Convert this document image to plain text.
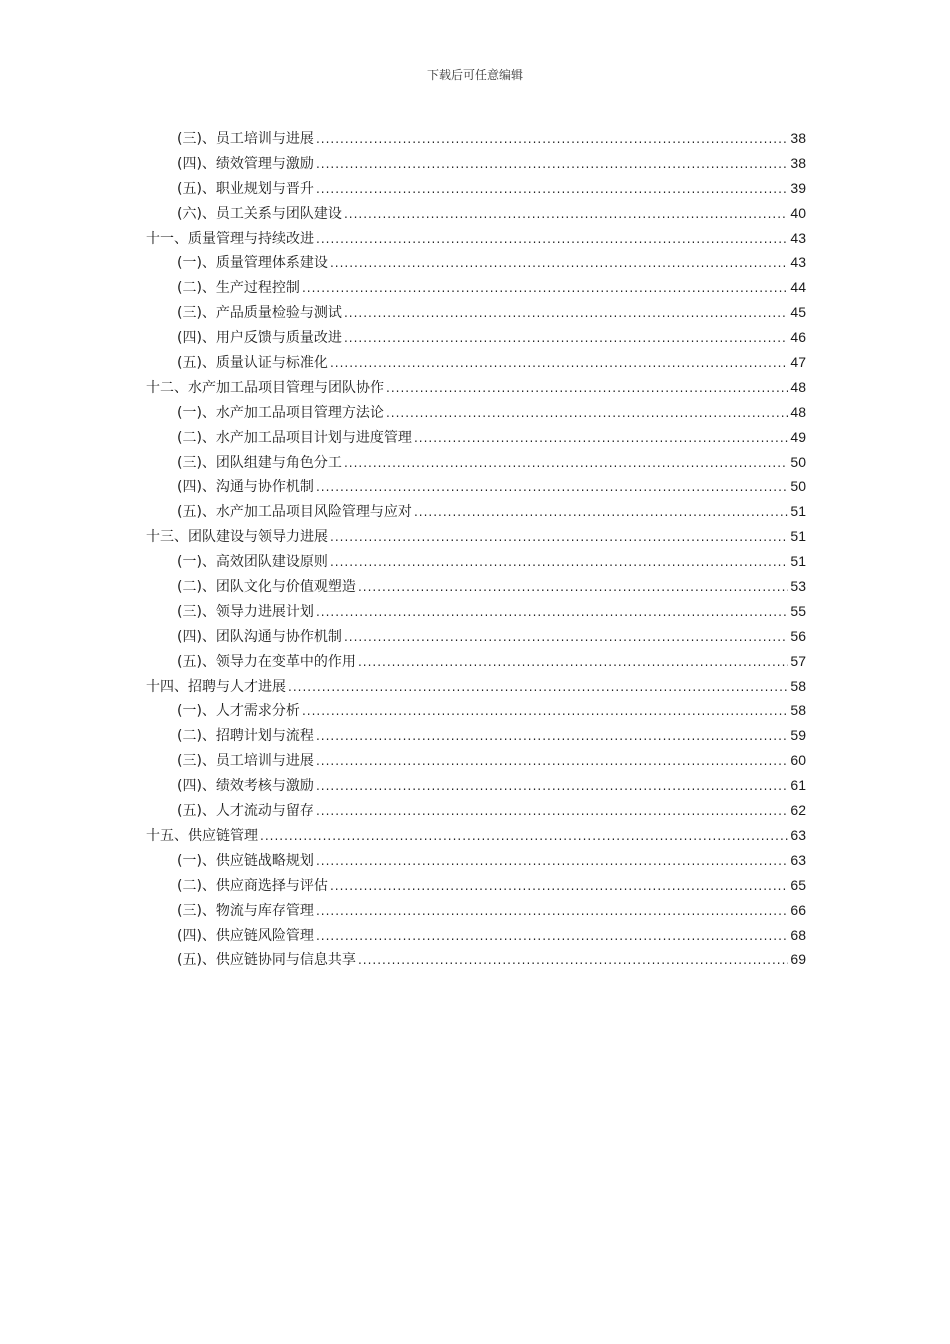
下载后可任意编辑
(三)、员工培训与进展 .....	38
(四)、绩效管理与激励 .....	38
(五)、职业规划与晋升 .....	39
(六)、员工关系与团队建设 .....	40
十一、质量管理与持续改进 .....	43
(一)、质量管理体系建设 .....	43
(二)、生产过程控制 .....	44
(三)、产品质量检验与测试 .....	45
(四)、用户反馈与质量改进 .....	46
(五)、质量认证与标准化 .....	47
十二、水产加工品项目管理与团队协作 .....	48
(一)、水产加工品项目管理方法论 .....	48
(二)、水产加工品项目计划与进度管理 .....	49
(三)、团队组建与角色分工 .....	50
(四)、沟通与协作机制 .....	50
(五)、水产加工品项目风险管理与应对 .....	51
十三、团队建设与领导力进展 .....	51
(一)、高效团队建设原则 .....	51
(二)、团队文化与价值观塑造 .....	53
(三)、领导力进展计划 .....	55
(四)、团队沟通与协作机制 .....	56
(五)、领导力在变革中的作用 .....	57
十四、招聘与人才进展 .....	58
(一)、人才需求分析 .....	58
(二)、招聘计划与流程 .....	59
(三)、员工培训与进展 .....	60
(四)、绩效考核与激励 .....	61
(五)、人才流动与留存 .....	62
十五、供应链管理 .....	63
(一)、供应链战略规划 .....	63
(二)、供应商选择与评估 .....	65
(三)、物流与库存管理 .....	66
(四)、供应链风险管理 .....	68
(五)、供应链协同与信息共享 .....	69
